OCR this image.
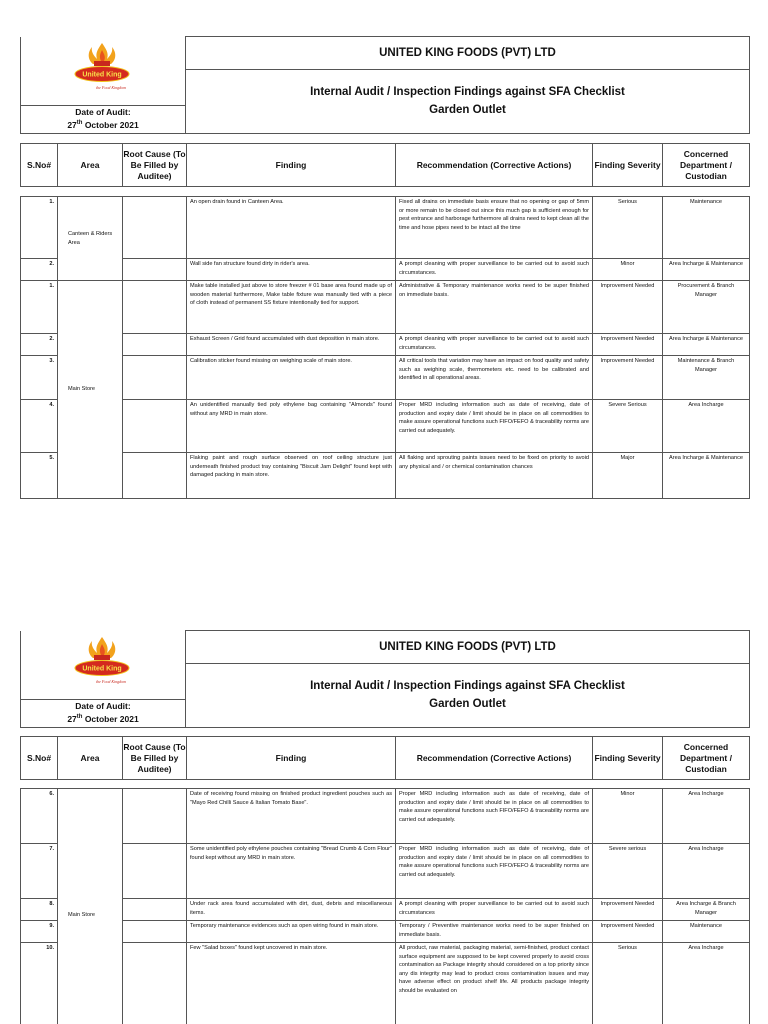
United King
the Food Kingdom
	UNITED KING FOODS (PVT) LTD

Internal Audit / Inspection Findings against SFA Checklist
Garden Outlet

Date of Audit:
27th October 2021
S.No#	Area	Root Cause (To Be Filled by Auditee)	Finding	Recommendation (Corrective Actions)	Finding Severity	Concerned Department / Custodian
1.	Canteen & Riders Area		An open drain found in Canteen Area.	Fixed all drains on immediate basis ensure that no opening or gap of 5mm or more remain to be closed out since this much gap is sufficient enough for pest entrance and harborage furthermore all drains need to kept clean all the time and hose pipes need to be intact all the time	Serious	Maintenance
2.			Wall side fan structure found dirty in rider's area.	A prompt cleaning with proper surveillance to be carried out to avoid such circumstances.	Minor	Area Incharge & Maintenance
1.	Main Store		Make table installed just above to store freezer # 01 base area found made up of wooden material furthermore, Make table fixture was manually tied with a piece of cloth instead of permanent SS fixture intentionally tied for support.	Administrative & Temporary maintenance works need to be super finished on immediate basis.	Improvement Needed	Procurement & Branch Manager
2.			Exhaust Screen / Grid found accumulated with dust deposition in main store.	A prompt cleaning with proper surveillance to be carried out to avoid such circumstances.	Improvement Needed	Area Incharge & Maintenance
3.			Calibration sticker found missing on weighing scale of main store.	All critical tools that variation may have an impact on food quality and safety such as weighing scale, thermometers etc. need to be calibrated and identified in all operational areas.	Improvement Needed	Maintenance & Branch Manager
4.			An unidentified manually tied poly ethylene bag containing "Almonds" found without any MRD in main store.	Proper MRD including information such as date of receiving, date of production and expiry date / limit should be in place on all commodities to make assure operational functions such FIFO/FEFO & traceability norms are carried out adequately.	Severe Serious	Area Incharge
5.			Flaking paint and rough surface observed on roof ceiling structure just underneath finished product tray containing "Biscuit Jam Delight" found kept with damaged packing in main store.	All flaking and sprouting paints issues need to be fixed on priority to avoid any physical and / or chemical contamination chances	Major	Area Incharge & Maintenance
United King
the Food Kingdom
	UNITED KING FOODS (PVT) LTD

Internal Audit / Inspection Findings against SFA Checklist
Garden Outlet

Date of Audit:
27th October 2021
S.No#	Area	Root Cause (To Be Filled by Auditee)	Finding	Recommendation (Corrective Actions)	Finding Severity	Concerned Department / Custodian
6.	Main Store		Date of receiving found missing on finished product ingredient pouches such as "Mayo Red Chilli Sauce & Italian Tomato Base".	Proper MRD including information such as date of receiving, date of production and expiry date / limit should be in place on all commodities to make assure operational functions such FIFO/FEFO & traceability norms are carried out adequately.	Minor	Area Incharge
7.			Some unidentified poly ethylene pouches containing "Bread Crumb & Corn Flour" found kept without any MRD in main store.	Proper MRD including information such as date of receiving, date of production and expiry date / limit should be in place on all commodities to make assure operational functions such FIFO/FEFO & traceability norms are carried out adequately.	Severe serious	Area Incharge
8.			Under rack area found accumulated with dirt, dust, debris and miscellaneous items.	A prompt cleaning with proper surveillance to be carried out to avoid such circumstances	Improvement Needed	Area Incharge & Branch Manager
9.			Temporary maintenance evidences such as open wiring found in main store.	Temporary / Preventive maintenance works need to be super finished on immediate basis.	Improvement Needed	Maintenance
10.			Few "Salad boxes" found kept uncovered in main store.	All product, raw material, packaging material, semi-finished, product contact surface equipment are supposed to be kept covered properly to avoid cross contamination as Package integrity should considered on a top priority since any dis integrity may lead to product cross contamination issues and may have adverse effect on product shelf life. All products package integrity should be evaluated on	Serious	Area Incharge
